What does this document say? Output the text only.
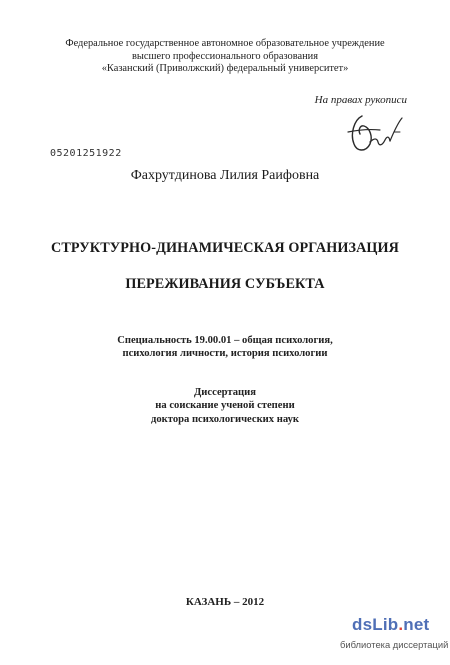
Федеральное государственное автономное образовательное учреждение
высшего профессионального образования
«Казанский (Приволжский) федеральный университет»
На правах рукописи
05201251922
Фахрутдинова Лилия Раифовна
СТРУКТУРНО-ДИНАМИЧЕСКАЯ ОРГАНИЗАЦИЯ
ПЕРЕЖИВАНИЯ СУБЪЕКТА
Специальность 19.00.01 – общая психология,
психология личности, история психологии
Диссертация
на соискание ученой степени
доктора психологических наук
КАЗАНЬ – 2012
dsLib.net
библиотека диссертаций
